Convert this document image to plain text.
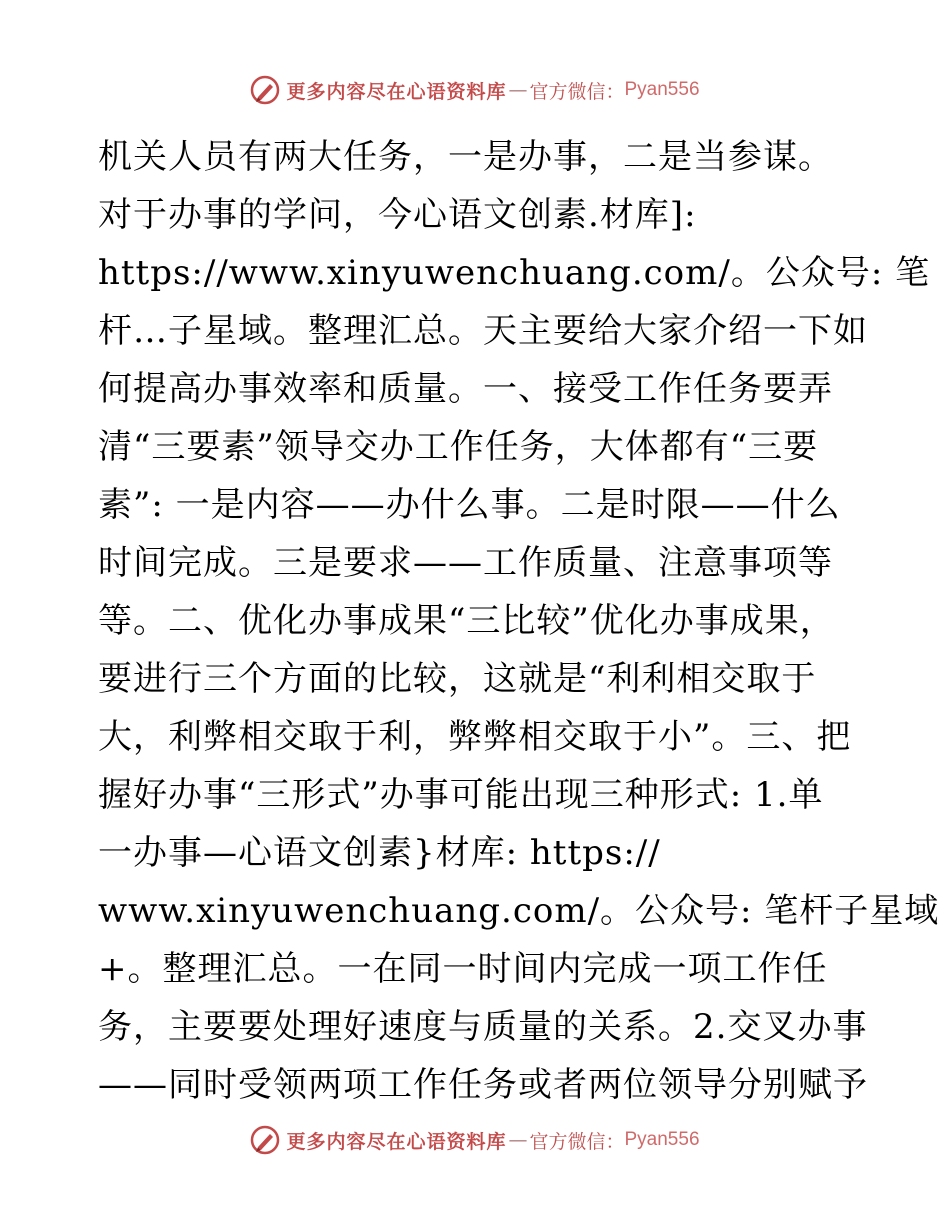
更多内容尽在心语资料库 — 官方微信： Pyan556
机关人员有两大任务，一是办事，二是当参谋。
对于办事的学问，今心语文创素.材库]:
https://www.xinyuwenchuang.com/。公众号: 笔
杆…子星域。整理汇总。天主要给大家介绍一下如
何提高办事效率和质量。一、接受工作任务要弄
清“三要素”领导交办工作任务，大体都有“三要
素”: 一是内容——办什么事。二是时限——什么
时间完成。三是要求——工作质量、注意事项等
等。二、优化办事成果“三比较”优化办事成果，
要进行三个方面的比较，这就是“利利相交取于
大，利弊相交取于利，弊弊相交取于小”。三、把
握好办事“三形式”办事可能出现三种形式: 1.单
一办事—心语文创素}材库: https://
www.xinyuwenchuang.com/。公众号: 笔杆子星域
+。整理汇总。一在同一时间内完成一项工作任
务，主要要处理好速度与质量的关系。2.交叉办事
——同时受领两项工作任务或者两位领导分别赋予
更多内容尽在心语资料库 — 官方微信： Pyan556
